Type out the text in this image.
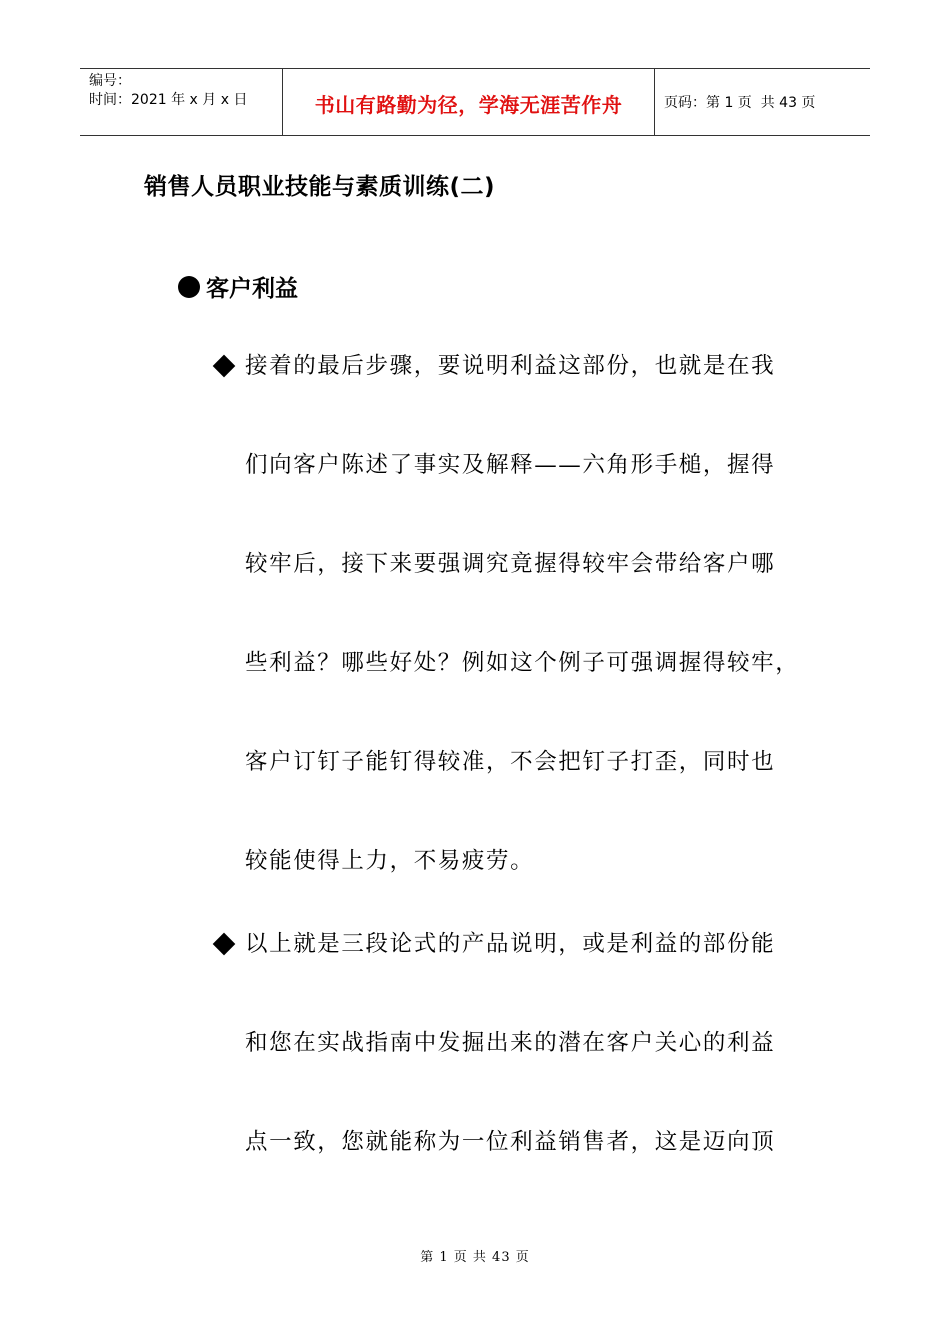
编号：
时间：2021 年 x 月 x 日	书山有路勤为径，学海无涯苦作舟	页码：第 1 页  共 43 页
销售人员职业技能与素质训练(二)
客户利益
接着的最后步骤，要说明利益这部份，也就是在我
们向客户陈述了事实及解释——六角形手槌，握得
较牢后，接下来要强调究竟握得较牢会带给客户哪
些利益？哪些好处？例如这个例子可强调握得较牢，
客户订钉子能钉得较准，不会把钉子打歪，同时也
较能使得上力，不易疲劳。
以上就是三段论式的产品说明，或是利益的部份能
和您在实战指南中发掘出来的潜在客户关心的利益
点一致，您就能称为一位利益销售者，这是迈向顶
第 1 页 共 43 页
